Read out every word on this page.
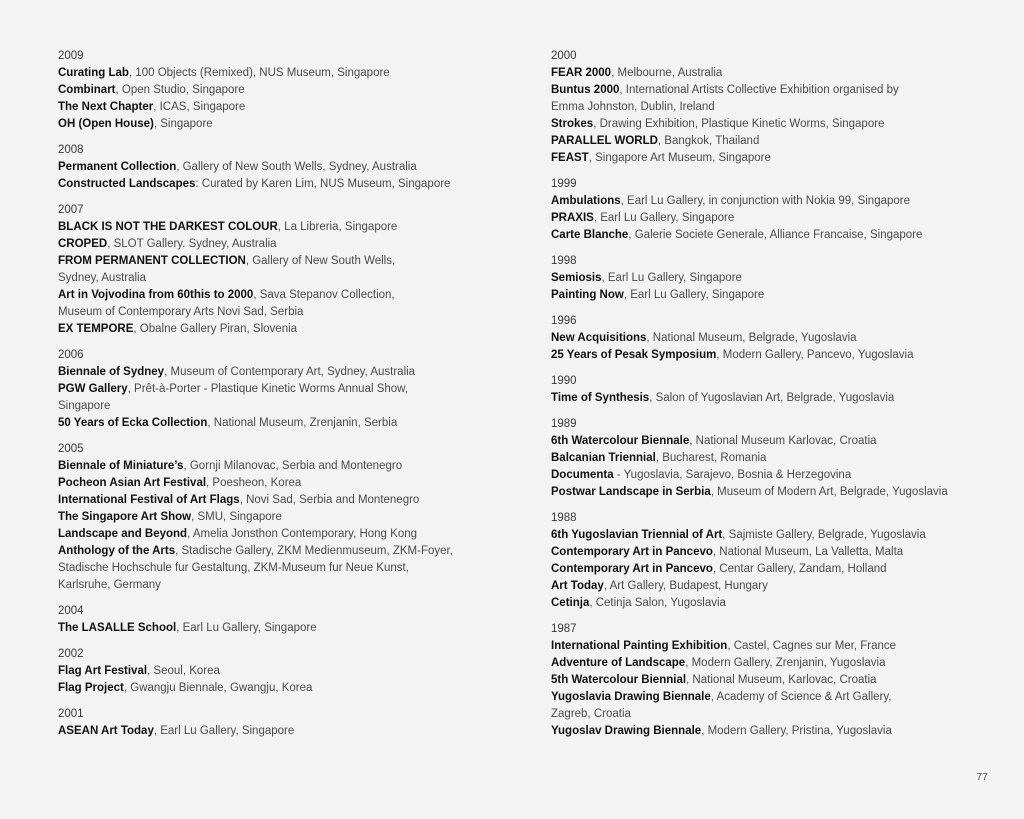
2009
Curating Lab, 100 Objects (Remixed), NUS Museum, Singapore
Combinart, Open Studio, Singapore
The Next Chapter, ICAS, Singapore
OH (Open House), Singapore
2008
Permanent Collection, Gallery of New South Wells, Sydney, Australia
Constructed Landscapes: Curated by Karen Lim, NUS Museum, Singapore
2007
BLACK IS NOT THE DARKEST COLOUR, La Libreria, Singapore
CROPED, SLOT Gallery. Sydney, Australia
FROM PERMANENT COLLECTION, Gallery of New South Wells,
Sydney, Australia
Art in Vojvodina from 60this to 2000, Sava Stepanov Collection,
Museum of Contemporary Arts Novi Sad, Serbia
EX TEMPORE, Obalne Gallery Piran, Slovenia
2006
Biennale of Sydney, Museum of Contemporary Art, Sydney, Australia
PGW Gallery, Prêt-à-Porter - Plastique Kinetic Worms Annual Show,
Singapore
50 Years of Ecka Collection, National Museum, Zrenjanin, Serbia
2005
Biennale of Miniature’s, Gornji Milanovac, Serbia and Montenegro
Pocheon Asian Art Festival, Poesheon, Korea
International Festival of Art Flags, Novi Sad, Serbia and Montenegro
The Singapore Art Show, SMU, Singapore
Landscape and Beyond, Amelia Jonsthon Contemporary, Hong Kong
Anthology of the Arts, Stadische Gallery, ZKM Medienmuseum, ZKM-Foyer,
Stadische Hochschule fur Gestaltung, ZKM-Museum fur Neue Kunst,
Karlsruhe, Germany
2004
The LASALLE School, Earl Lu Gallery, Singapore
2002
Flag Art Festival, Seoul, Korea
Flag Project, Gwangju Biennale, Gwangju, Korea
2001
ASEAN Art Today, Earl Lu Gallery, Singapore
2000
FEAR 2000, Melbourne, Australia
Buntus 2000, International Artists Collective Exhibition organised by
Emma Johnston, Dublin, Ireland
Strokes, Drawing Exhibition, Plastique Kinetic Worms, Singapore
PARALLEL WORLD, Bangkok, Thailand
FEAST, Singapore Art Museum, Singapore
1999
Ambulations, Earl Lu Gallery, in conjunction with Nokia 99, Singapore
PRAXIS, Earl Lu Gallery, Singapore
Carte Blanche, Galerie Societe Generale, Alliance Francaise, Singapore
1998
Semiosis, Earl Lu Gallery, Singapore
Painting Now, Earl Lu Gallery, Singapore
1996
New Acquisitions, National Museum, Belgrade, Yugoslavia
25 Years of Pesak Symposium, Modern Gallery, Pancevo, Yugoslavia
1990
Time of Synthesis, Salon of Yugoslavian Art, Belgrade, Yugoslavia
1989
6th Watercolour Biennale, National Museum Karlovac, Croatia
Balcanian Triennial, Bucharest, Romania
Documenta - Yugoslavia, Sarajevo, Bosnia & Herzegovina
Postwar Landscape in Serbia, Museum of Modern Art, Belgrade, Yugoslavia
1988
6th Yugoslavian Triennial of Art, Sajmiste Gallery, Belgrade, Yugoslavia
Contemporary Art in Pancevo, National Museum, La Valletta, Malta
Contemporary Art in Pancevo, Centar Gallery, Zandam, Holland
Art Today, Art Gallery, Budapest, Hungary
Cetinja, Cetinja Salon, Yugoslavia
1987
International Painting Exhibition, Castel, Cagnes sur Mer, France
Adventure of Landscape, Modern Gallery, Zrenjanin, Yugoslavia
5th Watercolour Biennial, National Museum, Karlovac, Croatia
Yugoslavia Drawing Biennale, Academy of Science & Art Gallery,
Zagreb, Croatia
Yugoslav Drawing Biennale, Modern Gallery, Pristina, Yugoslavia
77
